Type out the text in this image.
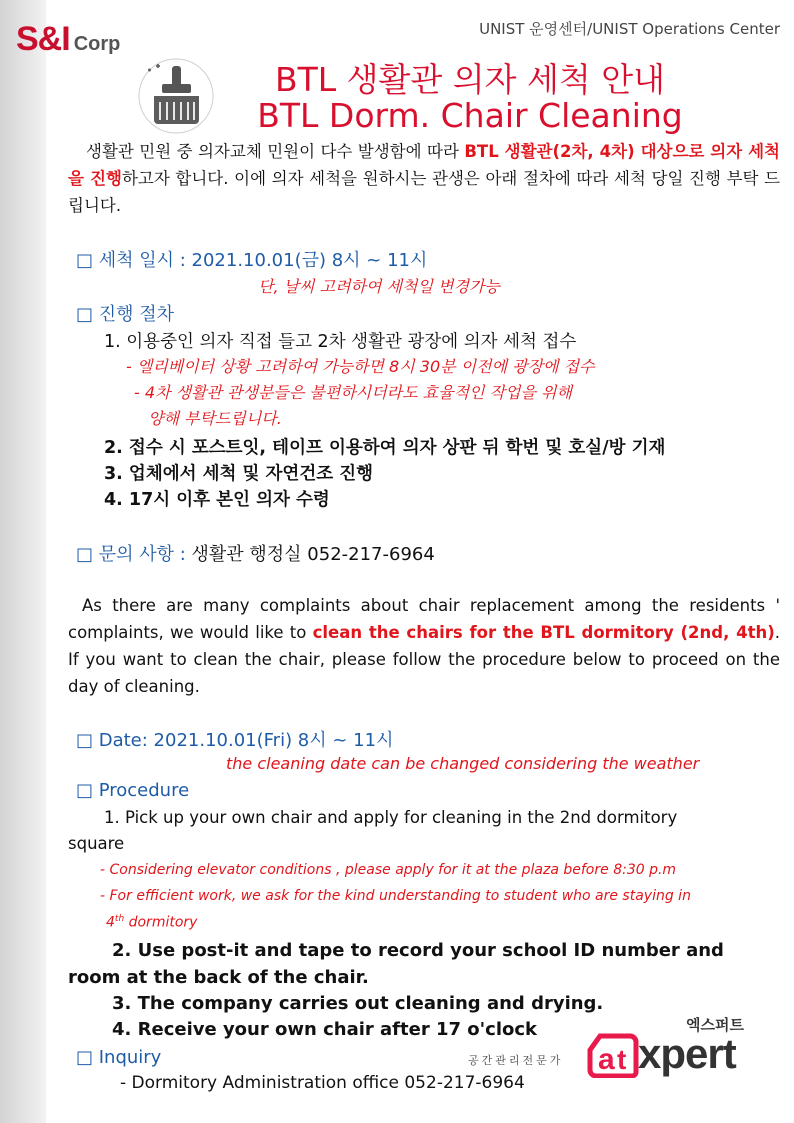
S&I Corp
UNIST 운영센터/UNIST Operations Center
BTL 생활관 의자 세척 안내
BTL Dorm. Chair Cleaning
생활관 민원 중 의자교체 민원이 다수 발생함에 따라 BTL 생활관(2차, 4차) 대상으로 의자 세척을 진행하고자 합니다. 이에 의자 세척을 원하시는 관생은 아래 절차에 따라 세척 당일 진행 부탁 드립니다.
□ 세척 일시 : 2021.10.01(금) 8시 ~ 11시
단, 날씨 고려하여 세척일 변경가능
□ 진행 절차
1. 이용중인 의자 직접 들고 2차 생활관 광장에 의자 세척 접수
- 엘리베이터 상황 고려하여 가능하면 8시 30분 이전에 광장에 접수
- 4차 생활관 관생분들은 불편하시더라도 효율적인 작업을 위해
양해 부탁드립니다.
2. 접수 시 포스트잇, 테이프 이용하여 의자 상판 뒤 학번 및 호실/방 기재
3. 업체에서 세척 및 자연건조 진행
4. 17시 이후 본인 의자 수령
□ 문의 사항 : 생활관 행정실 052-217-6964
As there are many complaints about chair replacement among the residents ' complaints, we would like to clean the chairs for the BTL dormitory (2nd, 4th). If you want to clean the chair, please follow the procedure below to proceed on the day of cleaning.
□ Date: 2021.10.01(Fri) 8시 ~ 11시
the cleaning date can be changed considering the weather
□ Procedure
1. Pick up your own chair and apply for cleaning in the 2nd dormitory
square
- Considering elevator conditions , please apply for it at the plaza before 8:30 p.m
- For efficient work, we ask for the kind understanding to student who are staying in
4th dormitory
2. Use post-it and tape to record your school ID number and
room at the back of the chair.
3. The company carries out cleaning and drying.
4. Receive your own chair after 17 o'clock
□ Inquiry
- Dormitory Administration office 052-217-6964
엑스퍼트
공간관리전문가 a t xpert
